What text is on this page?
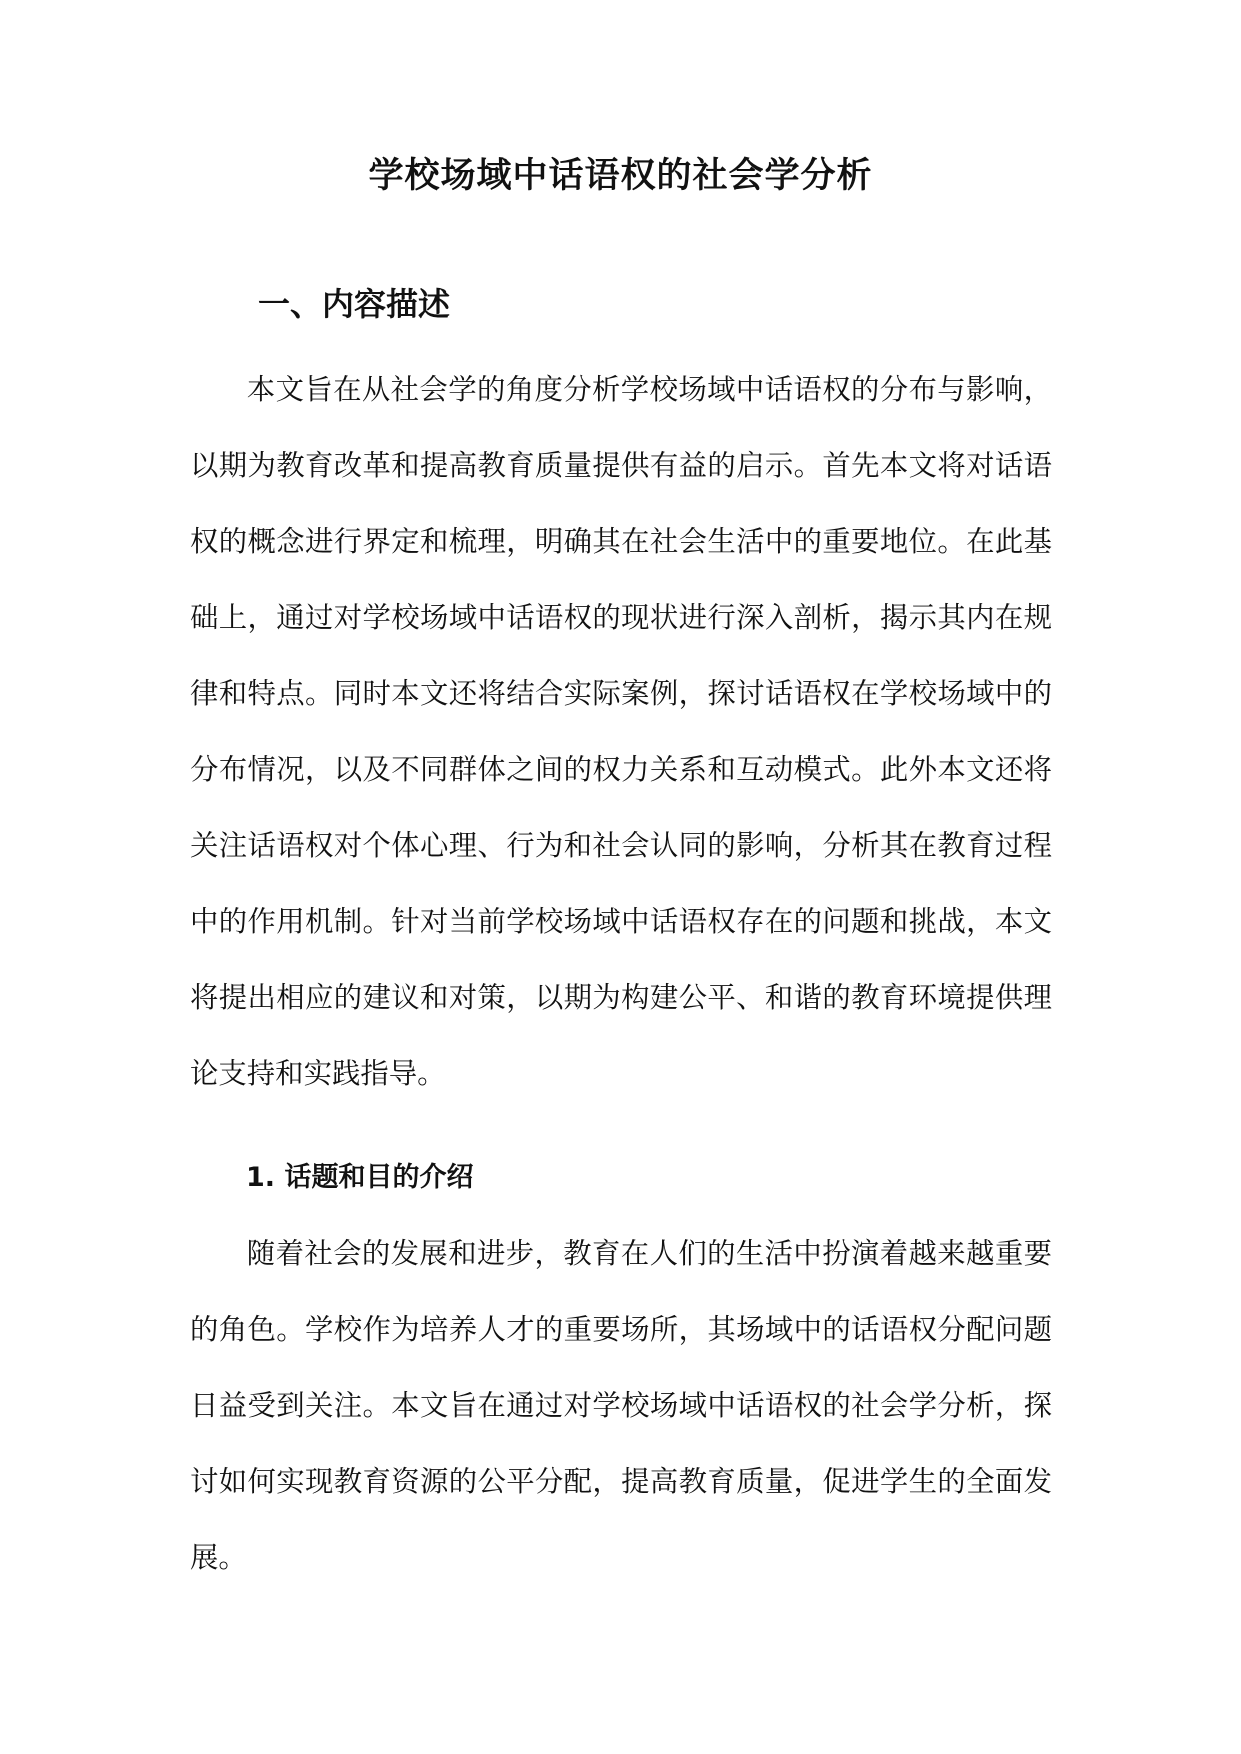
学校场域中话语权的社会学分析
一、内容描述

本文旨在从社会学的角度分析学校场域中话语权的分布与影响，以期为教育改革和提高教育质量提供有益的启示。首先本文将对话语权的概念进行界定和梳理，明确其在社会生活中的重要地位。在此基础上，通过对学校场域中话语权的现状进行深入剖析，揭示其内在规律和特点。同时本文还将结合实际案例，探讨话语权在学校场域中的分布情况，以及不同群体之间的权力关系和互动模式。此外本文还将关注话语权对个体心理、行为和社会认同的影响，分析其在教育过程中的作用机制。针对当前学校场域中话语权存在的问题和挑战，本文将提出相应的建议和对策，以期为构建公平、和谐的教育环境提供理论支持和实践指导。

1. 话题和目的介绍

随着社会的发展和进步，教育在人们的生活中扮演着越来越重要的角色。学校作为培养人才的重要场所，其场域中的话语权分配问题日益受到关注。本文旨在通过对学校场域中话语权的社会学分析，探讨如何实现教育资源的公平分配，提高教育质量，促进学生的全面发展。
